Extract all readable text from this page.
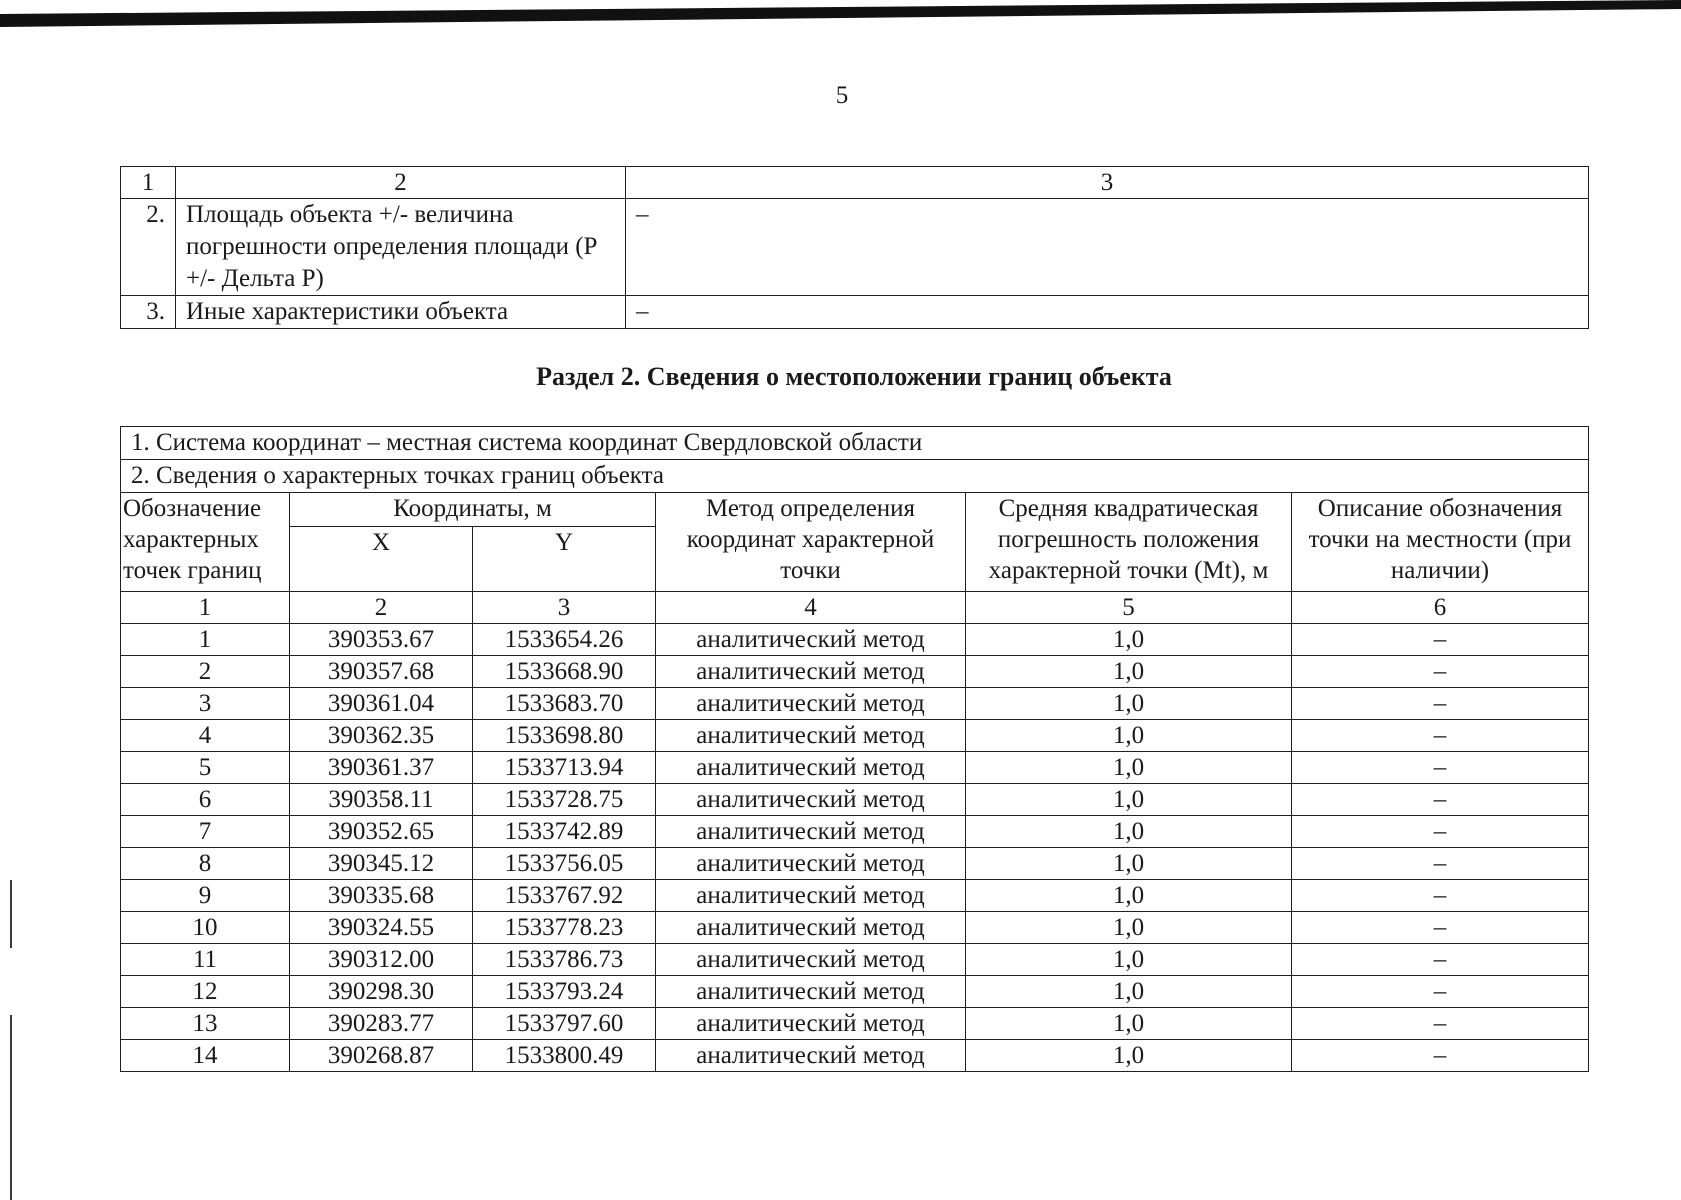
5
1	2	3
2.	Площадь объекта +/- величина погрешности определения площади (Р +/- Дельта Р)	–
3.	Иные характеристики объекта	–
Раздел 2. Сведения о местоположении границ объекта
1. Система координат – местная система координат Свердловской области					
2. Сведения о характерных точках границ объекта					
Обозначение характерных точек границ	Координаты, м		Метод определения координат характерной точки	Средняя квадратическая погрешность положения характерной точки (Mt), м	Описание обозначения точки на местности (при наличии)
	X	Y			
1	2	3	4	5	6
1	390353.67	1533654.26	аналитический метод	1,0	–
2	390357.68	1533668.90	аналитический метод	1,0	–
3	390361.04	1533683.70	аналитический метод	1,0	–
4	390362.35	1533698.80	аналитический метод	1,0	–
5	390361.37	1533713.94	аналитический метод	1,0	–
6	390358.11	1533728.75	аналитический метод	1,0	–
7	390352.65	1533742.89	аналитический метод	1,0	–
8	390345.12	1533756.05	аналитический метод	1,0	–
9	390335.68	1533767.92	аналитический метод	1,0	–
10	390324.55	1533778.23	аналитический метод	1,0	–
11	390312.00	1533786.73	аналитический метод	1,0	–
12	390298.30	1533793.24	аналитический метод	1,0	–
13	390283.77	1533797.60	аналитический метод	1,0	–
14	390268.87	1533800.49	аналитический метод	1,0	–
